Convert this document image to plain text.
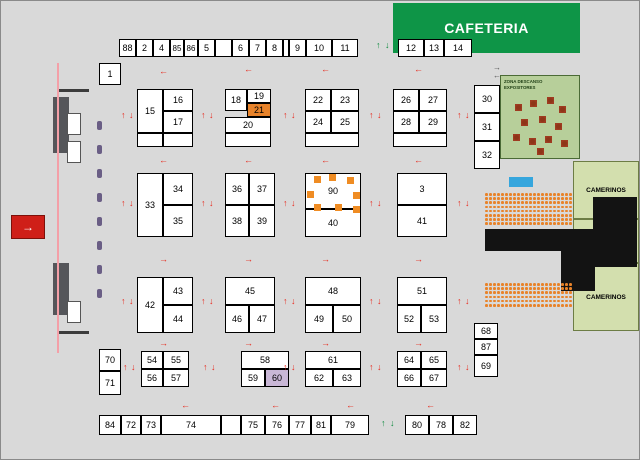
CAFETERIA
ZONA DESCANSO
EXPOSITORES
CAMERINOS
CAMERINOS
→
88	2	4	85 86 5	6	7	8	9	10	11	12	13	14
↑ ↓
→
←
1
15
16
17
18	19
21
20
22	23
24	25
26	27
28	29
30
31
32
33
34
35
36	37
38	39
90
40
3
41
42
43
44
45
46	47
48
49	50
51
52	53
54	55
56	57
58
59	60
61
62	63
64	65
66	67
68
87
69
70
71
84	72	73	74	75	76	77	81	79	80	78	82
↑ ↓
←	←	←	←
↑ ↓	↑ ↓	↑ ↓	↑ ↓	↑ ↓
←	←	←	←
↑ ↓	↑ ↓	↑ ↓	↑ ↓	↑ ↓
→	→	→	→
↑ ↓	↑ ↓	↑ ↓	↑ ↓	↑ ↓
→	→	→	→
↑ ↓	↑ ↓	↑ ↓	↑ ↓	↑ ↓
←	←	←	←
